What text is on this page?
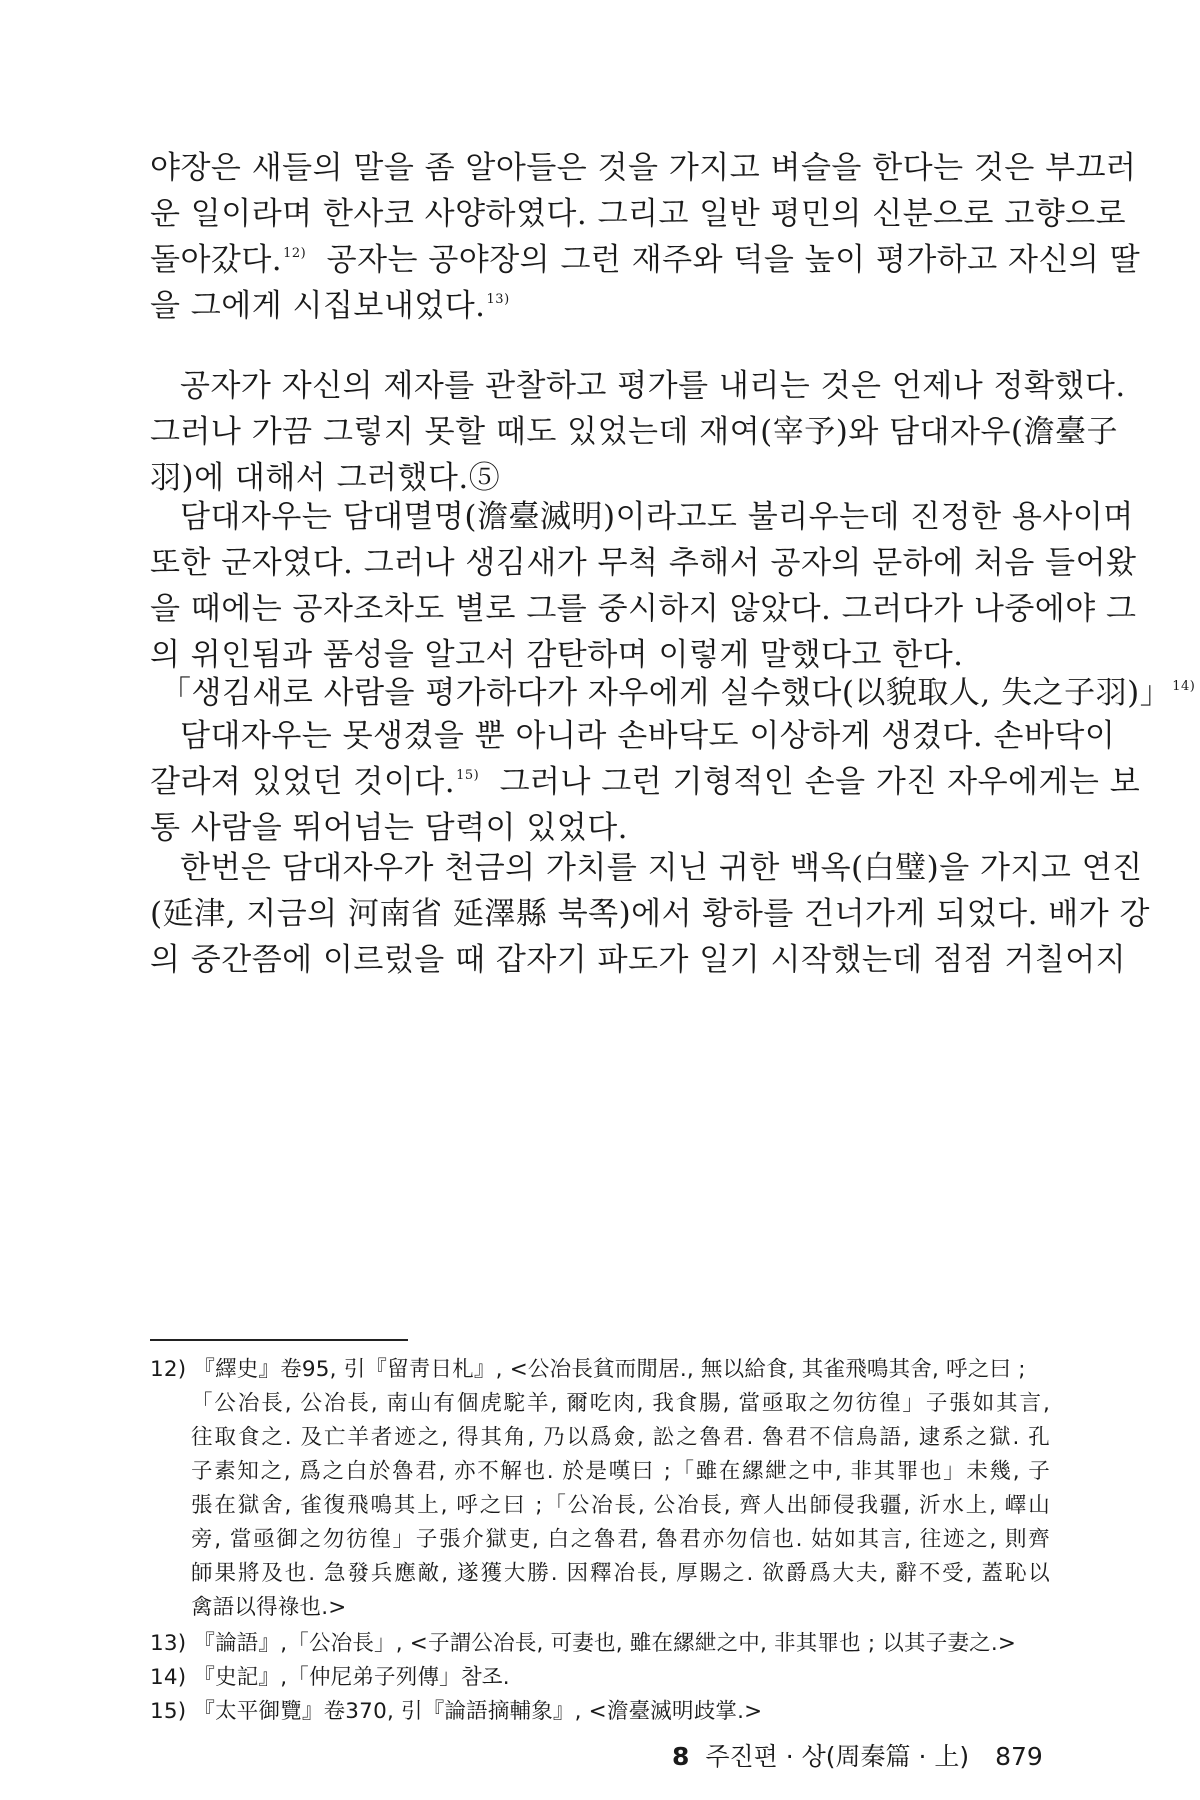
야장은 새들의 말을 좀 알아들은 것을 가지고 벼슬을 한다는 것은 부끄러
운 일이라며 한사코 사양하였다. 그리고 일반 평민의 신분으로 고향으로
돌아갔다.$^{12)}$ 공자는 공야장의 그런 재주와 덕을 높이 평가하고 자신의 딸
을 그에게 시집보내었다.$^{13)}$
공자가 자신의 제자를 관찰하고 평가를 내리는 것은 언제나 정확했다.
그러나 가끔 그렇지 못할 때도 있었는데 재여(宰予)와 담대자우(澹臺子
羽)에 대해서 그러했다.⑤
담대자우는 담대멸명(澹臺滅明)이라고도 불리우는데 진정한 용사이며
또한 군자였다. 그러나 생김새가 무척 추해서 공자의 문하에 처음 들어왔
을 때에는 공자조차도 별로 그를 중시하지 않았다. 그러다가 나중에야 그
의 위인됨과 품성을 알고서 감탄하며 이렇게 말했다고 한다.
「생김새로 사람을 평가하다가 자우에게 실수했다(以貌取人, 失之子羽)」$^{14)}$
담대자우는 못생겼을 뿐 아니라 손바닥도 이상하게 생겼다. 손바닥이
갈라져 있었던 것이다.$^{15)}$ 그러나 그런 기형적인 손을 가진 자우에게는 보
통 사람을 뛰어넘는 담력이 있었다.
한번은 담대자우가 천금의 가치를 지닌 귀한 백옥(白璧)을 가지고 연진
(延津, 지금의 河南省 延澤縣 북쪽)에서 황하를 건너가게 되었다. 배가 강
의 중간쯤에 이르렀을 때 갑자기 파도가 일기 시작했는데 점점 거칠어지
12) 『繹史』卷95, 引『留靑日札』, <公冶長貧而閒居., 無以給食, 其雀飛鳴其舍, 呼之曰 ;
「公冶長, 公冶長, 南山有個虎駝羊, 爾吃肉, 我食腸, 當亟取之勿彷徨」子張如其言,
往取食之. 及亡羊者迹之, 得其角, 乃以爲僉, 訟之魯君. 魯君不信鳥語, 逮系之獄. 孔
子素知之, 爲之白於魯君, 亦不解也. 於是嘆曰 ;「雖在縲紲之中, 非其罪也」未幾, 子
張在獄舍, 雀復飛鳴其上, 呼之曰 ;「公冶長, 公冶長, 齊人出師侵我疆, 沂水上, 嶧山
旁, 當亟御之勿彷徨」子張介獄吏, 白之魯君, 魯君亦勿信也. 姑如其言, 往迹之, 則齊
師果將及也. 急發兵應敵, 遂獲大勝. 因釋冶長, 厚賜之. 欲爵爲大夫, 辭不受, 蓋恥以
禽語以得祿也.>
13) 『論語』,「公冶長」, <子謂公冶長, 可妻也, 雖在縲紲之中, 非其罪也 ; 以其子妻之.>
14) 『史記』,「仲尼弟子列傳」참조.
15) 『太平御覽』卷370, 引『論語摘輔象』, <澹臺滅明歧掌.>
8 주진편 · 상(周秦篇 · 上) 879
